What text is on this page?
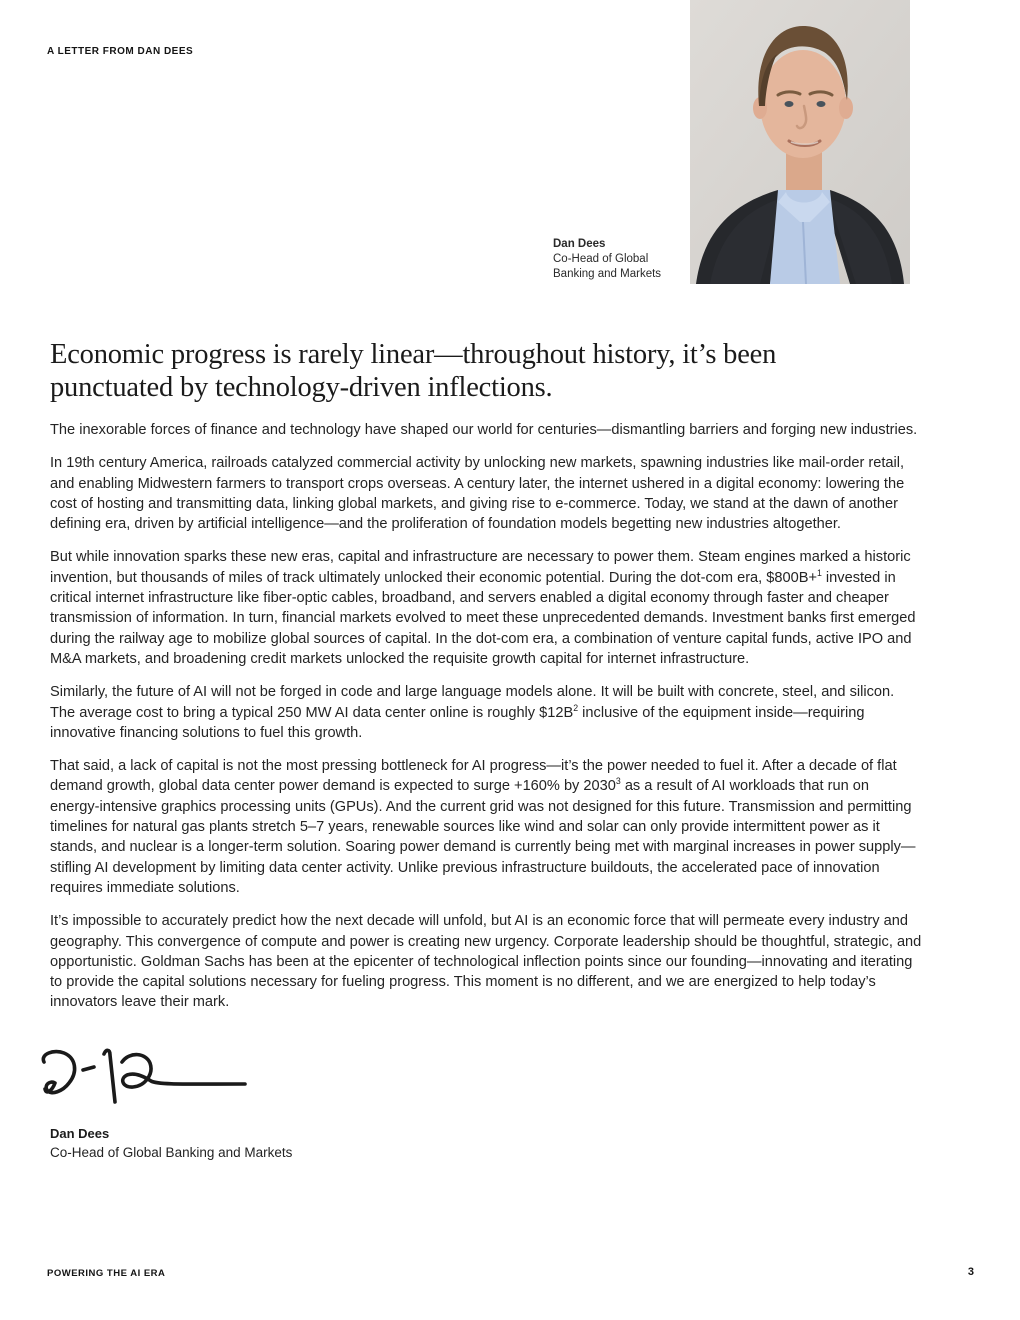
A LETTER FROM DAN DEES
Dan Dees
Co-Head of Global
Banking and Markets
Economic progress is rarely linear—throughout history, it’s been punctuated by technology-driven inflections.

The inexorable forces of finance and technology have shaped our world for centuries—dismantling barriers and forging new industries.

In 19th century America, railroads catalyzed commercial activity by unlocking new markets, spawning industries like mail-order retail, and enabling Midwestern farmers to transport crops overseas. A century later, the internet ushered in a digital economy: lowering the cost of hosting and transmitting data, linking global markets, and giving rise to e-commerce. Today, we stand at the dawn of another defining era, driven by artificial intelligence—and the proliferation of foundation models begetting new industries altogether.

But while innovation sparks these new eras, capital and infrastructure are necessary to power them. Steam engines marked a historic invention, but thousands of miles of track ultimately unlocked their economic potential. During the dot-com era, $800B+$^1$ invested in critical internet infrastructure like fiber-optic cables, broadband, and servers enabled a digital economy through faster and cheaper transmission of information. In turn, financial markets evolved to meet these unprecedented demands. Investment banks first emerged during the railway age to mobilize global sources of capital. In the dot-com era, a combination of venture capital funds, active IPO and M&A markets, and broadening credit markets unlocked the requisite growth capital for internet infrastructure.

Similarly, the future of AI will not be forged in code and large language models alone. It will be built with concrete, steel, and silicon. The average cost to bring a typical 250 MW AI data center online is roughly $\$12B^2$ inclusive of the equipment inside—requiring innovative financing solutions to fuel this growth.

That said, a lack of capital is not the most pressing bottleneck for AI progress—it’s the power needed to fuel it. After a decade of flat demand growth, global data center power demand is expected to surge +160% by 2030$^3$ as a result of AI workloads that run on energy-intensive graphics processing units (GPUs). And the current grid was not designed for this future. Transmission and permitting timelines for natural gas plants stretch 5–7 years, renewable sources like wind and solar can only provide intermittent power as it stands, and nuclear is a longer-term solution. Soaring power demand is currently being met with marginal increases in power supply—stifling AI development by limiting data center activity. Unlike previous infrastructure buildouts, the accelerated pace of innovation requires immediate solutions.

It’s impossible to accurately predict how the next decade will unfold, but AI is an economic force that will permeate every industry and geography. This convergence of compute and power is creating new urgency. Corporate leadership should be thoughtful, strategic, and opportunistic. Goldman Sachs has been at the epicenter of technological inflection points since our founding—innovating and iterating to provide the capital solutions necessary for fueling progress. This moment is no different, and we are energized to help today’s innovators leave their mark.

Dan Dees
Co-Head of Global Banking and Markets
POWERING THE AI ERA	3
